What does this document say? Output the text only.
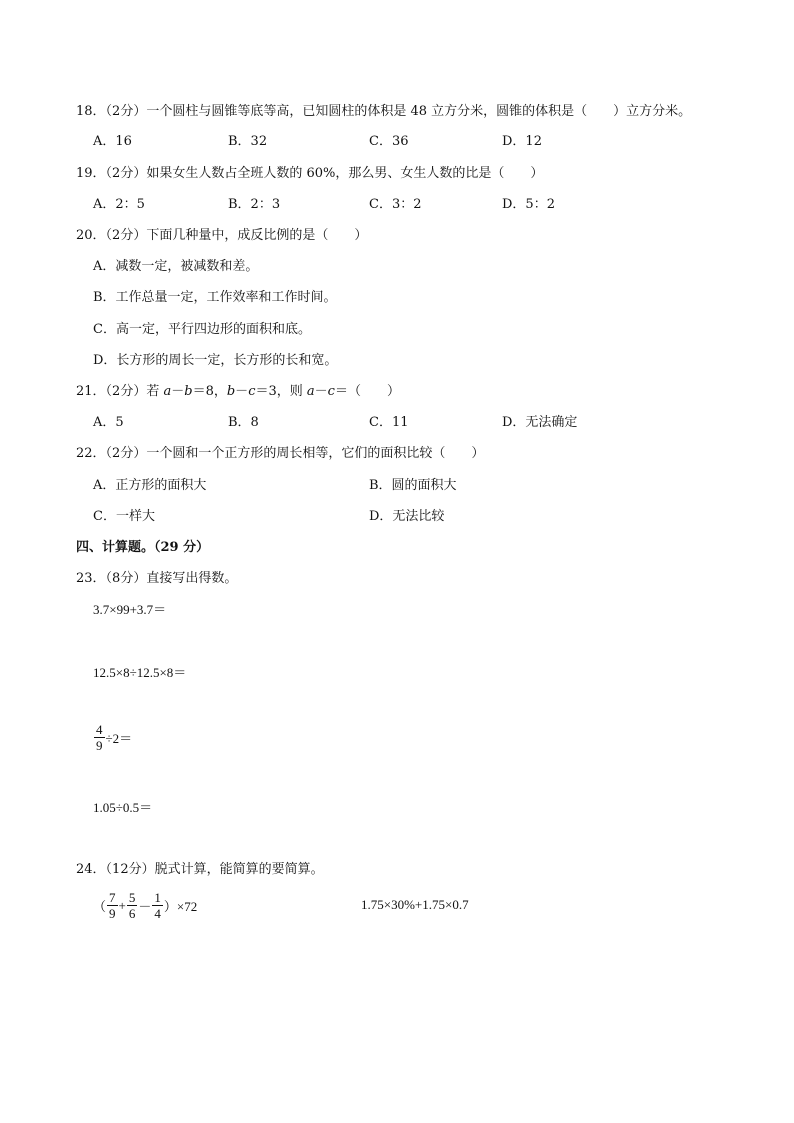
18．（2分）一个圆柱与圆锥等底等高，已知圆柱的体积是 48 立方分米，圆锥的体积是（　　）立方分米。
A．16	B．32	C．36	D．12
19．（2分）如果女生人数占全班人数的 60%，那么男、女生人数的比是（　　）
A．2：5	B．2：3	C．3：2	D．5：2
20．（2分）下面几种量中，成反比例的是（　　）
A．减数一定，被减数和差。
B．工作总量一定，工作效率和工作时间。
C．高一定，平行四边形的面积和底。
D．长方形的周长一定，长方形的长和宽。
21．（2分）若 a－b＝8，b－c＝3，则 a－c＝（　　）
A．5	B．8	C．11	D．无法确定
22．（2分）一个圆和一个正方形的周长相等，它们的面积比较（　　）
A．正方形的面积大	B．圆的面积大
C．一样大	D．无法比较
四、计算题。（29 分）
23．（8分）直接写出得数。
3.7×99+3.7＝
12.5×8÷12.5×8＝
$\frac{4}{9} \div 2=$
1.05÷0.5＝
24．（12分）脱式计算，能简算的要简算。
（ $\frac{7}{9} + \frac{5}{6} - \frac{1}{4} )\times 72$	1.75×30%+1.75×0.7
